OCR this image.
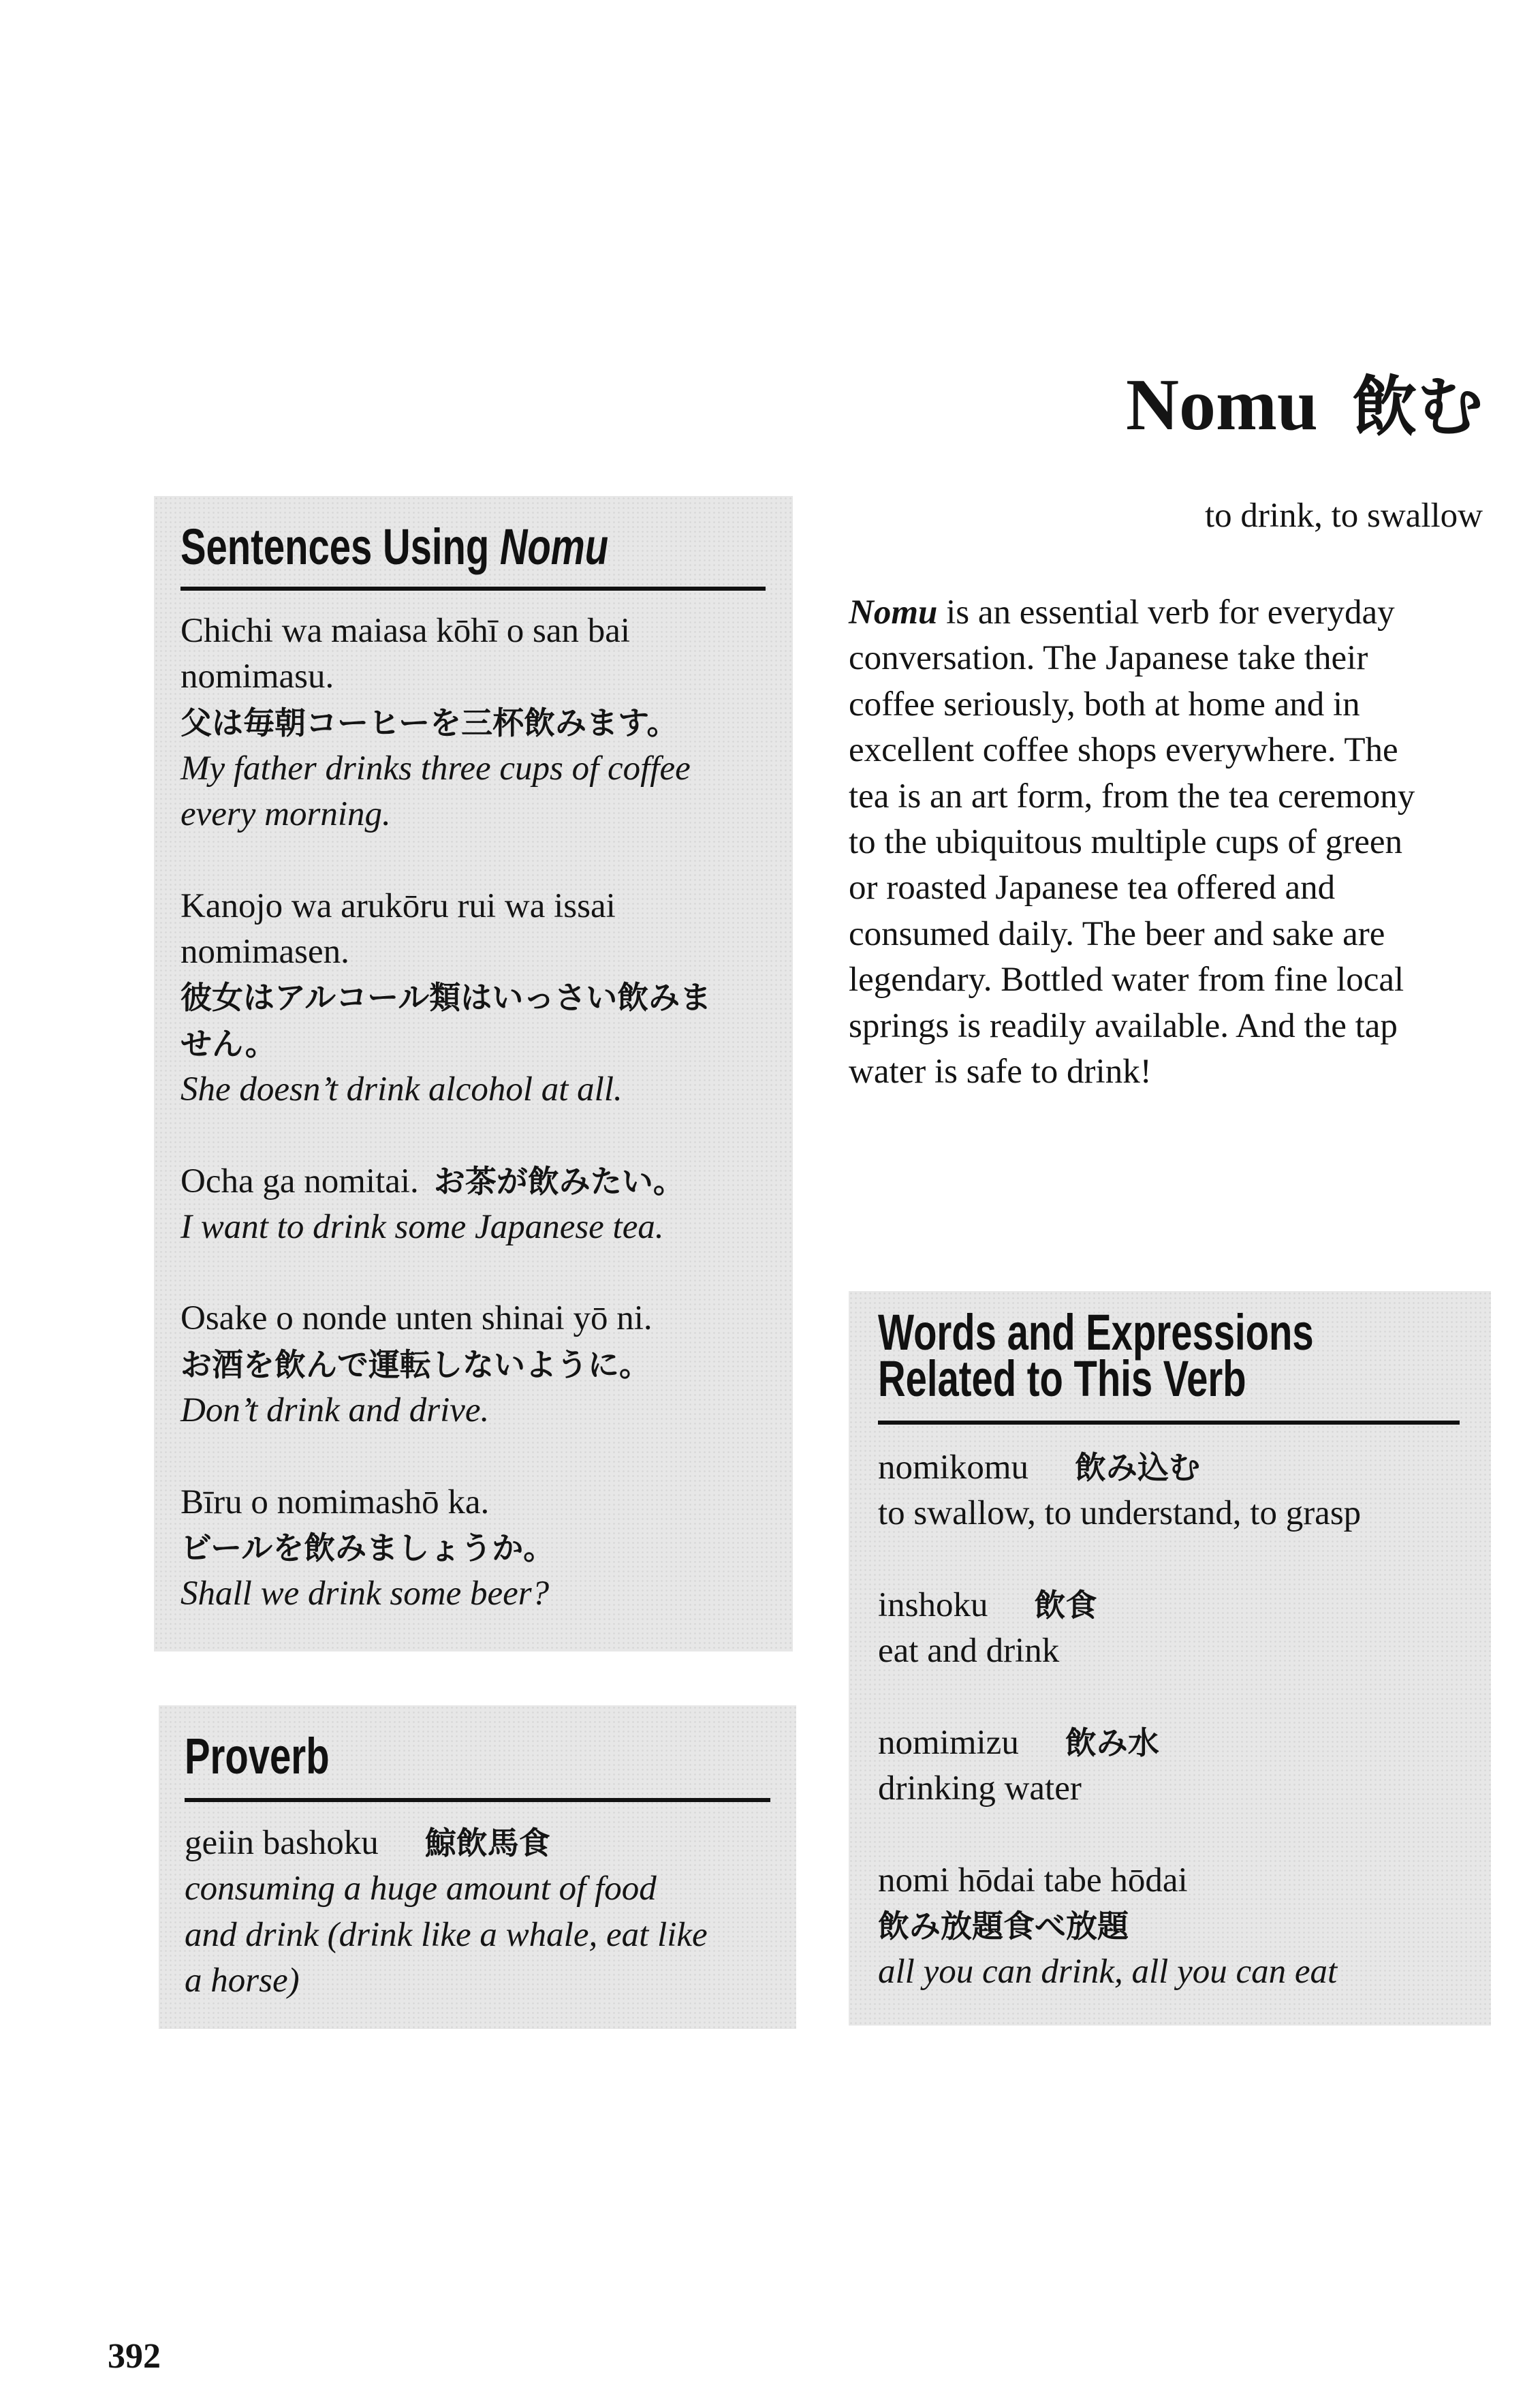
Nomu 飲む
to drink, to swallow
Nomu is an essential verb for everyday
conversation. The Japanese take their
coffee seriously, both at home and in
excellent coffee shops everywhere. The
tea is an art form, from the tea ceremony
to the ubiquitous multiple cups of green
or roasted Japanese tea offered and
consumed daily. The beer and sake are
legendary. Bottled water from fine local
springs is readily available. And the tap
water is safe to drink!
Sentences Using Nomu
Chichi wa maiasa kōhī o san bai
nomimasu.
父は毎朝コーヒーを三杯飲みます。
My father drinks three cups of coffee
every morning.
Kanojo wa arukōru rui wa issai
nomimasen.
彼女はアルコール類はいっさい飲みま
せん。
She doesn’t drink alcohol at all.
Ocha ga nomitai. お茶が飲みたい。
I want to drink some Japanese tea.
Osake o nonde unten shinai yō ni.
お酒を飲んで運転しないように。
Don’t drink and drive.
Bīru o nomimashō ka.
ビールを飲みましょうか。
Shall we drink some beer?
Proverb
geiin bashoku 鯨飲馬食
consuming a huge amount of food
and drink (drink like a whale, eat like
a horse)
Words and Expressions
Related to This Verb
nomikomu 飲み込む
to swallow, to understand, to grasp
inshoku 飲食
eat and drink
nomimizu 飲み水
drinking water
nomi hōdai tabe hōdai
飲み放題食べ放題
all you can drink, all you can eat
392
